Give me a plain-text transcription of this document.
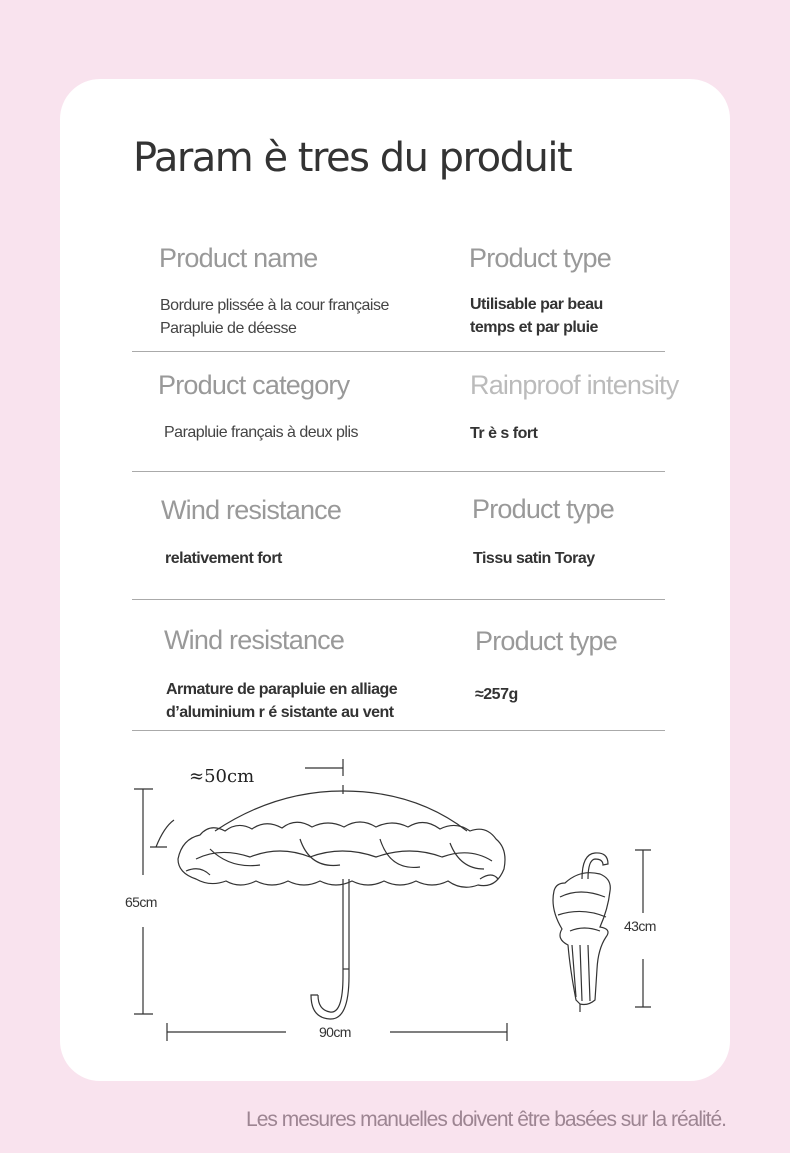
Param è tres du produit
Product name
Bordure plissée à la cour française
Parapluie de déesse
Product type
Utilisable par beau
temps et par pluie
Product category
Parapluie français à deux plis
Rainproof intensity
Tr è s fort
Wind resistance
relativement fort
Product type
Tissu satin Toray
Wind resistance
Armature de parapluie en alliage
d’aluminium r é sistante au vent
Product type
≈257g
≈50cm
65cm
90cm
43cm
Les mesures manuelles doivent être basées sur la réalité.
